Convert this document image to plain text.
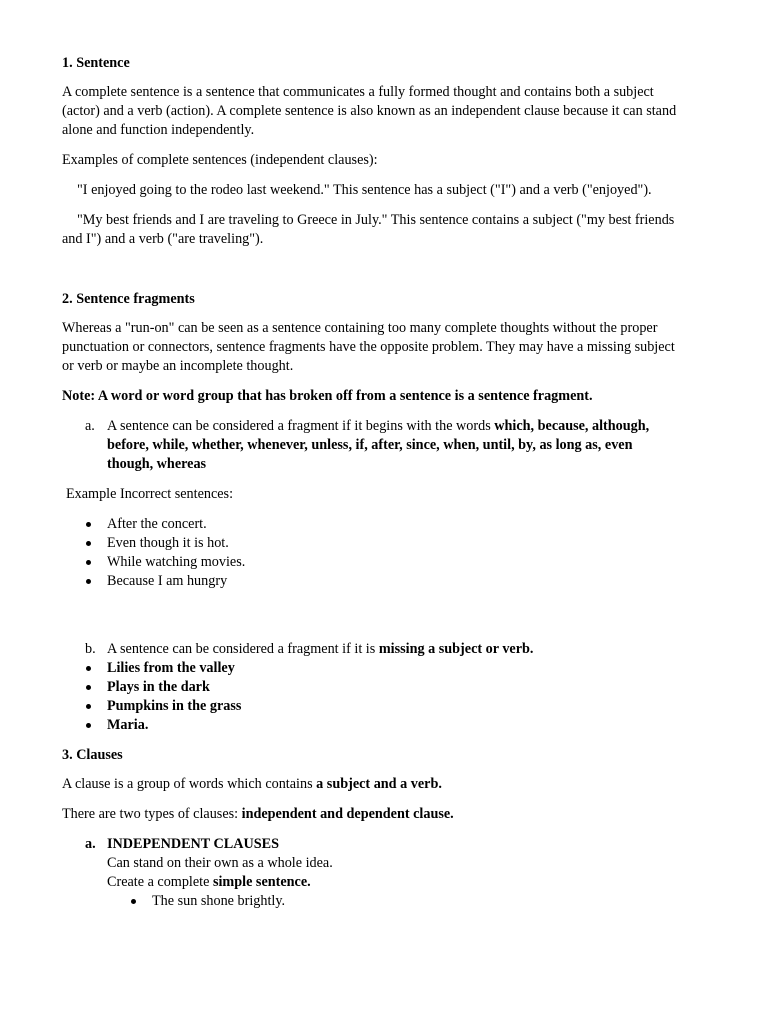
1. Sentence

A complete sentence is a sentence that communicates a fully formed thought and contains both a subject (actor) and a verb (action). A complete sentence is also known as an independent clause because it can stand alone and function independently.

Examples of complete sentences (independent clauses):

"I enjoyed going to the rodeo last weekend." This sentence has a subject ("I") and a verb ("enjoyed").

"My best friends and I are traveling to Greece in July." This sentence contains a subject ("my best friends and I") and a verb ("are traveling").

2. Sentence fragments

Whereas a "run-on" can be seen as a sentence containing too many complete thoughts without the proper punctuation or connectors, sentence fragments have the opposite problem. They may have a missing subject or verb or maybe an incomplete thought.

Note: A word or word group that has broken off from a sentence is a sentence fragment.

a. A sentence can be considered a fragment if it begins with the words which, because, although, before, while, whether, whenever, unless, if, after, since, when, until, by, as long as, even though, whereas

Example Incorrect sentences:

After the concert.
Even though it is hot.
While watching movies.
Because I am hungry
b. A sentence can be considered a fragment if it is missing a subject or verb.
Lilies from the valley
Plays in the dark
Pumpkins in the grass
Maria.
3. Clauses

A clause is a group of words which contains a subject and a verb.

There are two types of clauses: independent and dependent clause.

a. INDEPENDENT CLAUSES
Can stand on their own as a whole idea.
Create a complete simple sentence.
The sun shone brightly.
